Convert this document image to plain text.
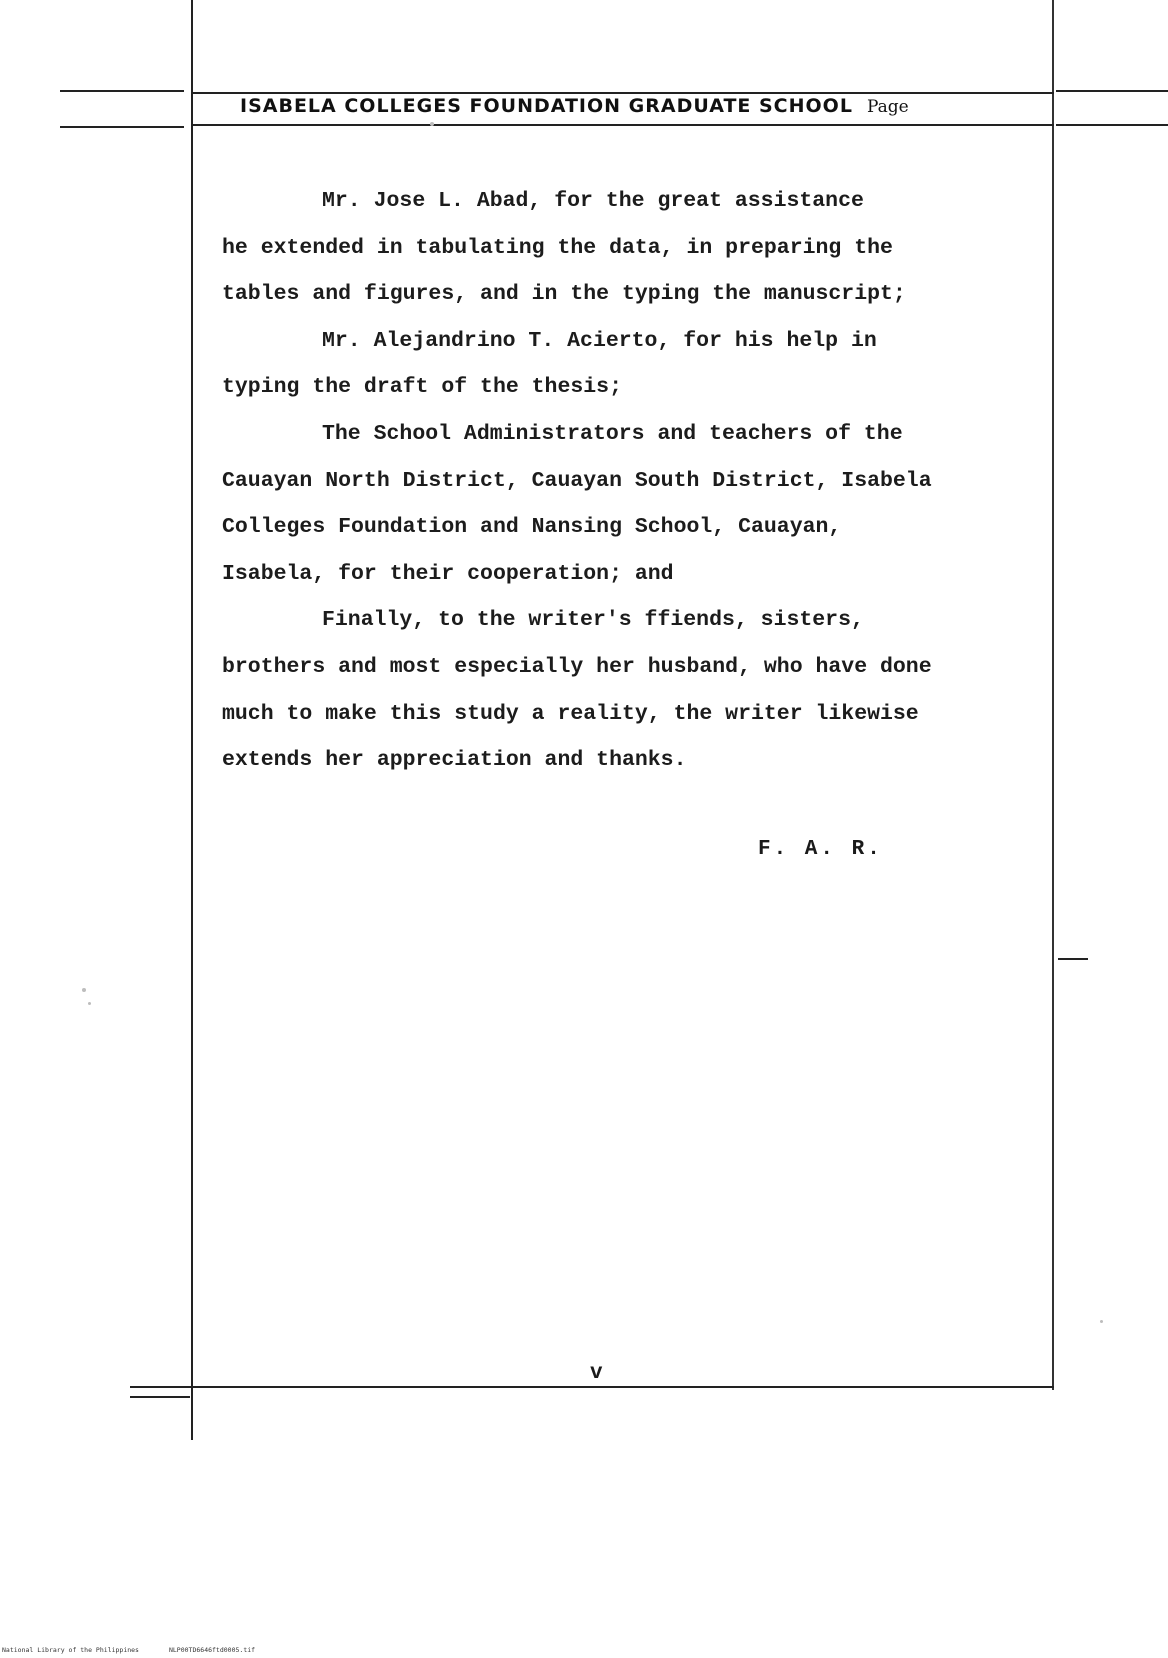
ISABELA COLLEGES FOUNDATION GRADUATE SCHOOL Page
Mr. Jose L. Abad, for the great assistance
he extended in tabulating the data, in preparing the
tables and figures, and in the typing the manuscript;
Mr. Alejandrino T. Acierto, for his help in
typing the draft of the thesis;
The School Administrators and teachers of the
Cauayan North District, Cauayan South District, Isabela
Colleges Foundation and Nansing School, Cauayan,
Isabela, for their cooperation; and
Finally, to the writer's ffiends, sisters,
brothers and most especially her husband, who have done
much to make this study a reality, the writer likewise
extends her appreciation and thanks.
F. A. R.
v
National Library of the Philippines	NLP00TD6646ftd0005.tif
